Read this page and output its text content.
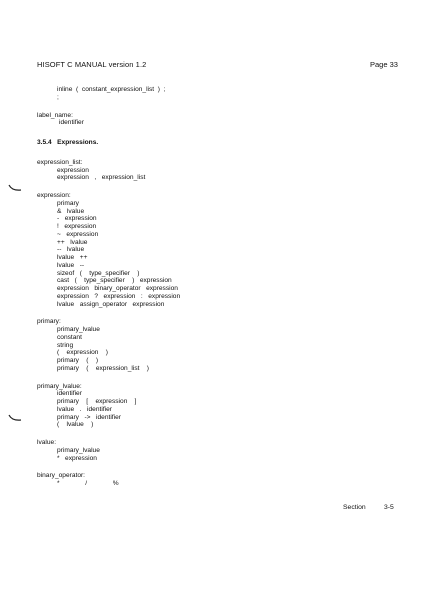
HISOFT C MANUAL version 1.2	Page 33
inline  (  constant_expression_list  )  ;
;
label_name:
identifier
3.5.4   Expressions.
expression_list:
expression
expression   ,   expression_list
expression:
primary
&   lvalue
-   expression
!   expression
~   expression
++   lvalue
--   lvalue
lvalue   ++
lvalue   --
sizeof   (    type_specifier    )
cast   (    type_specifier    )   expression
expression   binary_operator   expression
expression   ?   expression   :   expression
lvalue   assign_operator   expression
primary:
primary_lvalue
constant
string
(    expression    )
primary    (    )
primary    (    expression_list    )
primary_lvalue:
identifier
primary    [    expression    ]
lvalue   .   identifier
primary   ->   identifier
(    lvalue    )
lvalue:
primary_lvalue
*   expression
binary_operator:
*              /              %
Section	3-5
